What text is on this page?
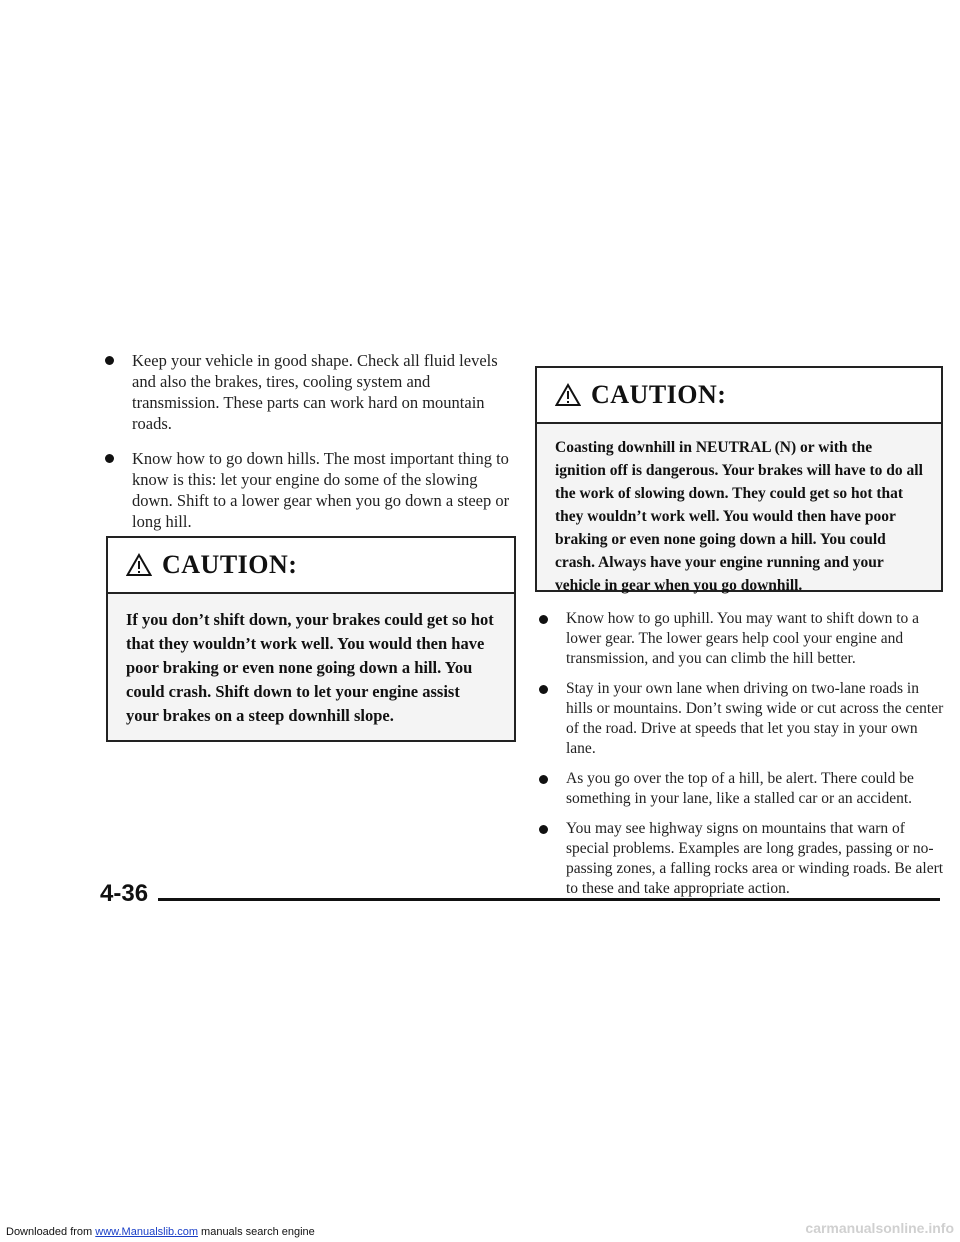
Keep your vehicle in good shape. Check all fluid levels and also the brakes, tires, cooling system and transmission. These parts can work hard on mountain roads.
Know how to go down hills. The most important thing to know is this: let your engine do some of the slowing down. Shift to a lower gear when you go down a steep or long hill.
CAUTION:
If you don’t shift down, your brakes could get so hot that they wouldn’t work well. You would then have poor braking or even none going down a hill. You could crash. Shift down to let your engine assist your brakes on a steep downhill slope.
CAUTION:
Coasting downhill in NEUTRAL (N) or with the ignition off is dangerous. Your brakes will have to do all the work of slowing down. They could get so hot that they wouldn’t work well. You would then have poor braking or even none going down a hill. You could crash. Always have your engine running and your vehicle in gear when you go downhill.
Know how to go uphill. You may want to shift down to a lower gear. The lower gears help cool your engine and transmission, and you can climb the hill better.
Stay in your own lane when driving on two-lane roads in hills or mountains. Don’t swing wide or cut across the center of the road. Drive at speeds that let you stay in your own lane.
As you go over the top of a hill, be alert. There could be something in your lane, like a stalled car or an accident.
You may see highway signs on mountains that warn of special problems. Examples are long grades, passing or no-passing zones, a falling rocks area or winding roads. Be alert to these and take appropriate action.
4-36
Downloaded from www.Manualslib.com manuals search engine	carmanualsonline.info
